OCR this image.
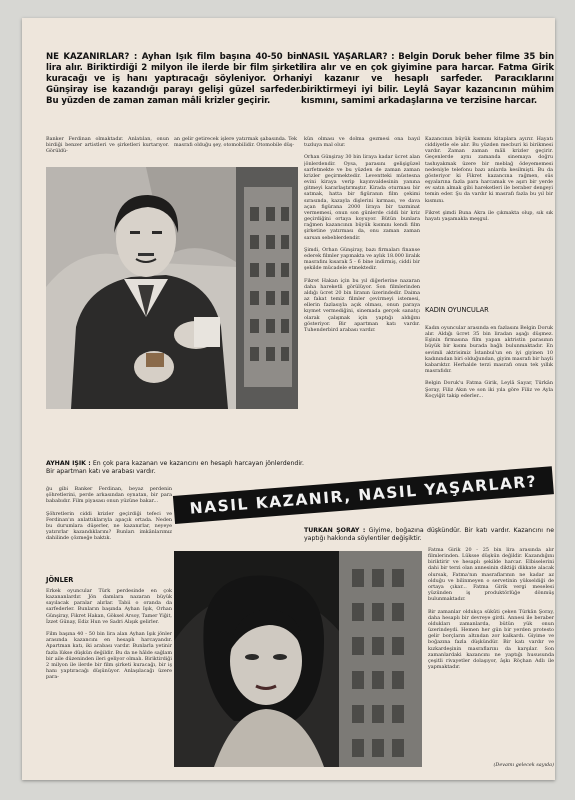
NE KAZANIRLAR? : Ayhan Işık film başına 40-50 bin lira alır. Biriktirdiği 2 milyon ile ilerde bir film şirketi kuracağı ve iş hanı yaptıracağı söyleniyor. Orhan Günşiray ise kazandığı parayı gelişi güzel sarfeder. Bu yüzden de zaman zaman mâli krizler geçirir.
NASIL YAŞARLAR? : Belgin Doruk beher filme 35 bin lira alır ve en çok giyimine para harcar. Fatma Girik iyi kazanır ve hesaplı sarfeder. Paracıklarını biriktirmeyi iyi bilir. Leylâ Sayar kazancının mühim kısmını, samimi arkadaşlarına ve terzisine harcar.
Banker Ferdinan olmaktadır. Anlatılan, onun birdiği benzer artistleri ve şirketleri kurtarıyor. Görüldü-
an gelir getirecek işlere yatırmak şabasında. Tek masrafı olduğu şey, otomobilidir. Otomobile düş-
kün olması ve dolma gezmesi ona bayıl tuzluya mal olur.

Orhan Günşiray 30 bin liraya kadar ücret alan jönlerdendir. Oysa, parasını gelişigüzel sarfetmekte ve bu yüzden de zaman zaman krizler geçirmektedir. Leventteki müstesna evini kiraya verip kayınvaldesinin yanına gitmeyi kararlaştırmıştır. Kirada oturması bir satmak, hatta bir figüranın film çekimi sırasında, kazayla dişlerini kırması, ve dava açan figürana 2000 liraya bir tazminat vermemesi, onun son günlerde ciddi bir kriz geçirdiğini ortaya koyuyor. Bütün bunlara rağmen kazancının büyük kısmını kendi film şirketine yatırması da, onu zaman zaman sarsan sebeblerdendir.

Şimdi, Orhan Günşiray, bazı firmaları finanse ederek filmler yapmakta ve aylık 18.000 liralık masrafını kısarak 5 - 6 bine indirmiş, ciddi bir şekilde mücadele etmektedir.

Fikret Hakan için bu yıl diğerlerine nazaran daha hareketli görülüyor. Son filmlerinden aldığı ücret 20 bin liranın üzerindedir. Daima az fakat temiz filmler çevirmeyi istemesi, ellerin fazlasıyla açık olması, onun paraya kıymet vermediğini, sinemada gerçek sanatçı olarak çalışmak için yaptığı aldığını gösteriyor. Bir apartman katı vardır. Tuhenderbird arabası vardır.
Kazancının büyük kısmını kitaplara ayırır. Hayatı ciddiyetle ele alır. Bu yüzden mecburi ki birikmesi vardır. Zaman zaman mâli krizler geçirir. Geçenlerde aynı zamanda sinemaya doğru tashıyakmak üzere bir meblağ ödeyememesi nedeniyle telefonu bazı anlarda kesilmişti. Bu da gösteriyor ki Fikret kazancına rağmen, süs eşyalarına fazla para harcamak ve aşırı bir yerde ev satın almak gibi hareketleri ile beraber dengeyi temin eder. Şu da vardır ki masrafı fazla bu yıl bir kısmını.

Fikret şimdi Buna Akra ile çıkmakta olup, sık sık hayatı yaşamakla meşgul.
KADIN OYUNCULAR
Kadın oyuncular arasında en fazlasını Belgin Doruk alır. Aldığı ücret 35 bin liradan aşağı düşmez. Eşinin firmasına film yapan aktristin parasının büyük bir kısmı burada bağlı bulunmaktadır. En sevimli aktrisimiz İstanbul'un en iyi giyinen 10 kadınından biri olduğundan, giyim masrafı bir hayli kabarıktır. Herhalde terzi masrafı onun tek yıllık masrafıdır.

Belgin Doruk'u Fatma Girik, Leylâ Sayar, Türkân Şoray, Filiz Akın ve son iki yıla göre Filiz ve Ayla Koçyiğit takip ederler...
AYHAN IŞIK : En çok para kazanan ve kazancını en hesaplı harcayan jönlerdendir. Bir apartman katı ve arabası vardır.
ğu gibi Banker Ferdinan, beyaz perdenin şöhretlerini, perde arkasından oynatan, bir para bababıdır. Film piyasası onun yüzüne bakar...

Şöhretlerin ciddi krizler geçirdiği tefeci ve Ferdinan'ın anlattıklarıyla apaçık ortada. Neden bu durumlara düşerler, ne kazanırlar, neyeye yatırırlar kazandıklarını? Bunları imkânlarımız dahilinde çözmeğe baktık.
NASIL KAZANIR, NASIL YAŞARLAR?
TÜRKÂN ŞORAY : Giyime, boğazına düşkündür. Bir katı vardır. Kazancını ne yaptığı hakkında söylentiler değişiktir.
JÖNLER
Erkek oyuncular Türk perdesinde en çok kazananlardır. Jön damlara nazaran büyük sayılacak paralar alırlar. Tabii o oranda da sarfederler. Bunların başında Ayhan Işık, Orhan Günşiray, Fikret Hakan, Göksel Arsoy, Tamer Yiğit, İzzet Günay, Ediz Hun ve Sadri Alışık gelirler.

Film başına 40 - 50 bin lira alan Ayhan Işık jönler arasında kazancını en hesaplı harcayandır. Apartman katı, iki arabası vardır. Bunlarla yetinir fazla lükse düşkün değildir. Bu da ne hâlde sağlam bir aile düzeninden ileri geliyor olmalı. Biriktirdiği 2 milyon ile ilerde bir film şirketi kuracağı, bir iş hanı yaptıracağı düşünüyor. Anlaşılacağı üzere para-
Fatma Girik 20 - 25 bin lira arasında alır filmlerinden. Lüksse düşkün değildir. Kazandığını biriktirir ve hesaplı şekilde harcar. Elbiselerini dahi bir terzi olan annesinin diktiği dikkate alacak olursak, Fatma'nın masraflarının ne kadar az olduğu ve bilinmeyen o servetinin yükseldiği de ortaya çıkar... Fatma Girik vergi meselesi yüzünden iş produktörlüğe dönmüş bulunmaktadır.

Bir zamanlar oldukça sükûti çeken Türkân Şoray, daha hesaplı bir devreye girdi. Annesi ile beraber oldukları zamanlarda, bütün yük onun üzerindeydi. Hemen her gün bir yerden protesto gelir borçların altından zor kalkardı. Giyime ve boğazına fazla düşkündür. Bir katı vardır ve kızkardeşinin masraflarını da karşılar. Son zamanlardaki kazancını ne yaptığı hususunda çeşitli rivayetler dolaşıyor, âşkı Röçhan Adlı ile yapmaktadır.
(Devamı gelecek sayıda)
